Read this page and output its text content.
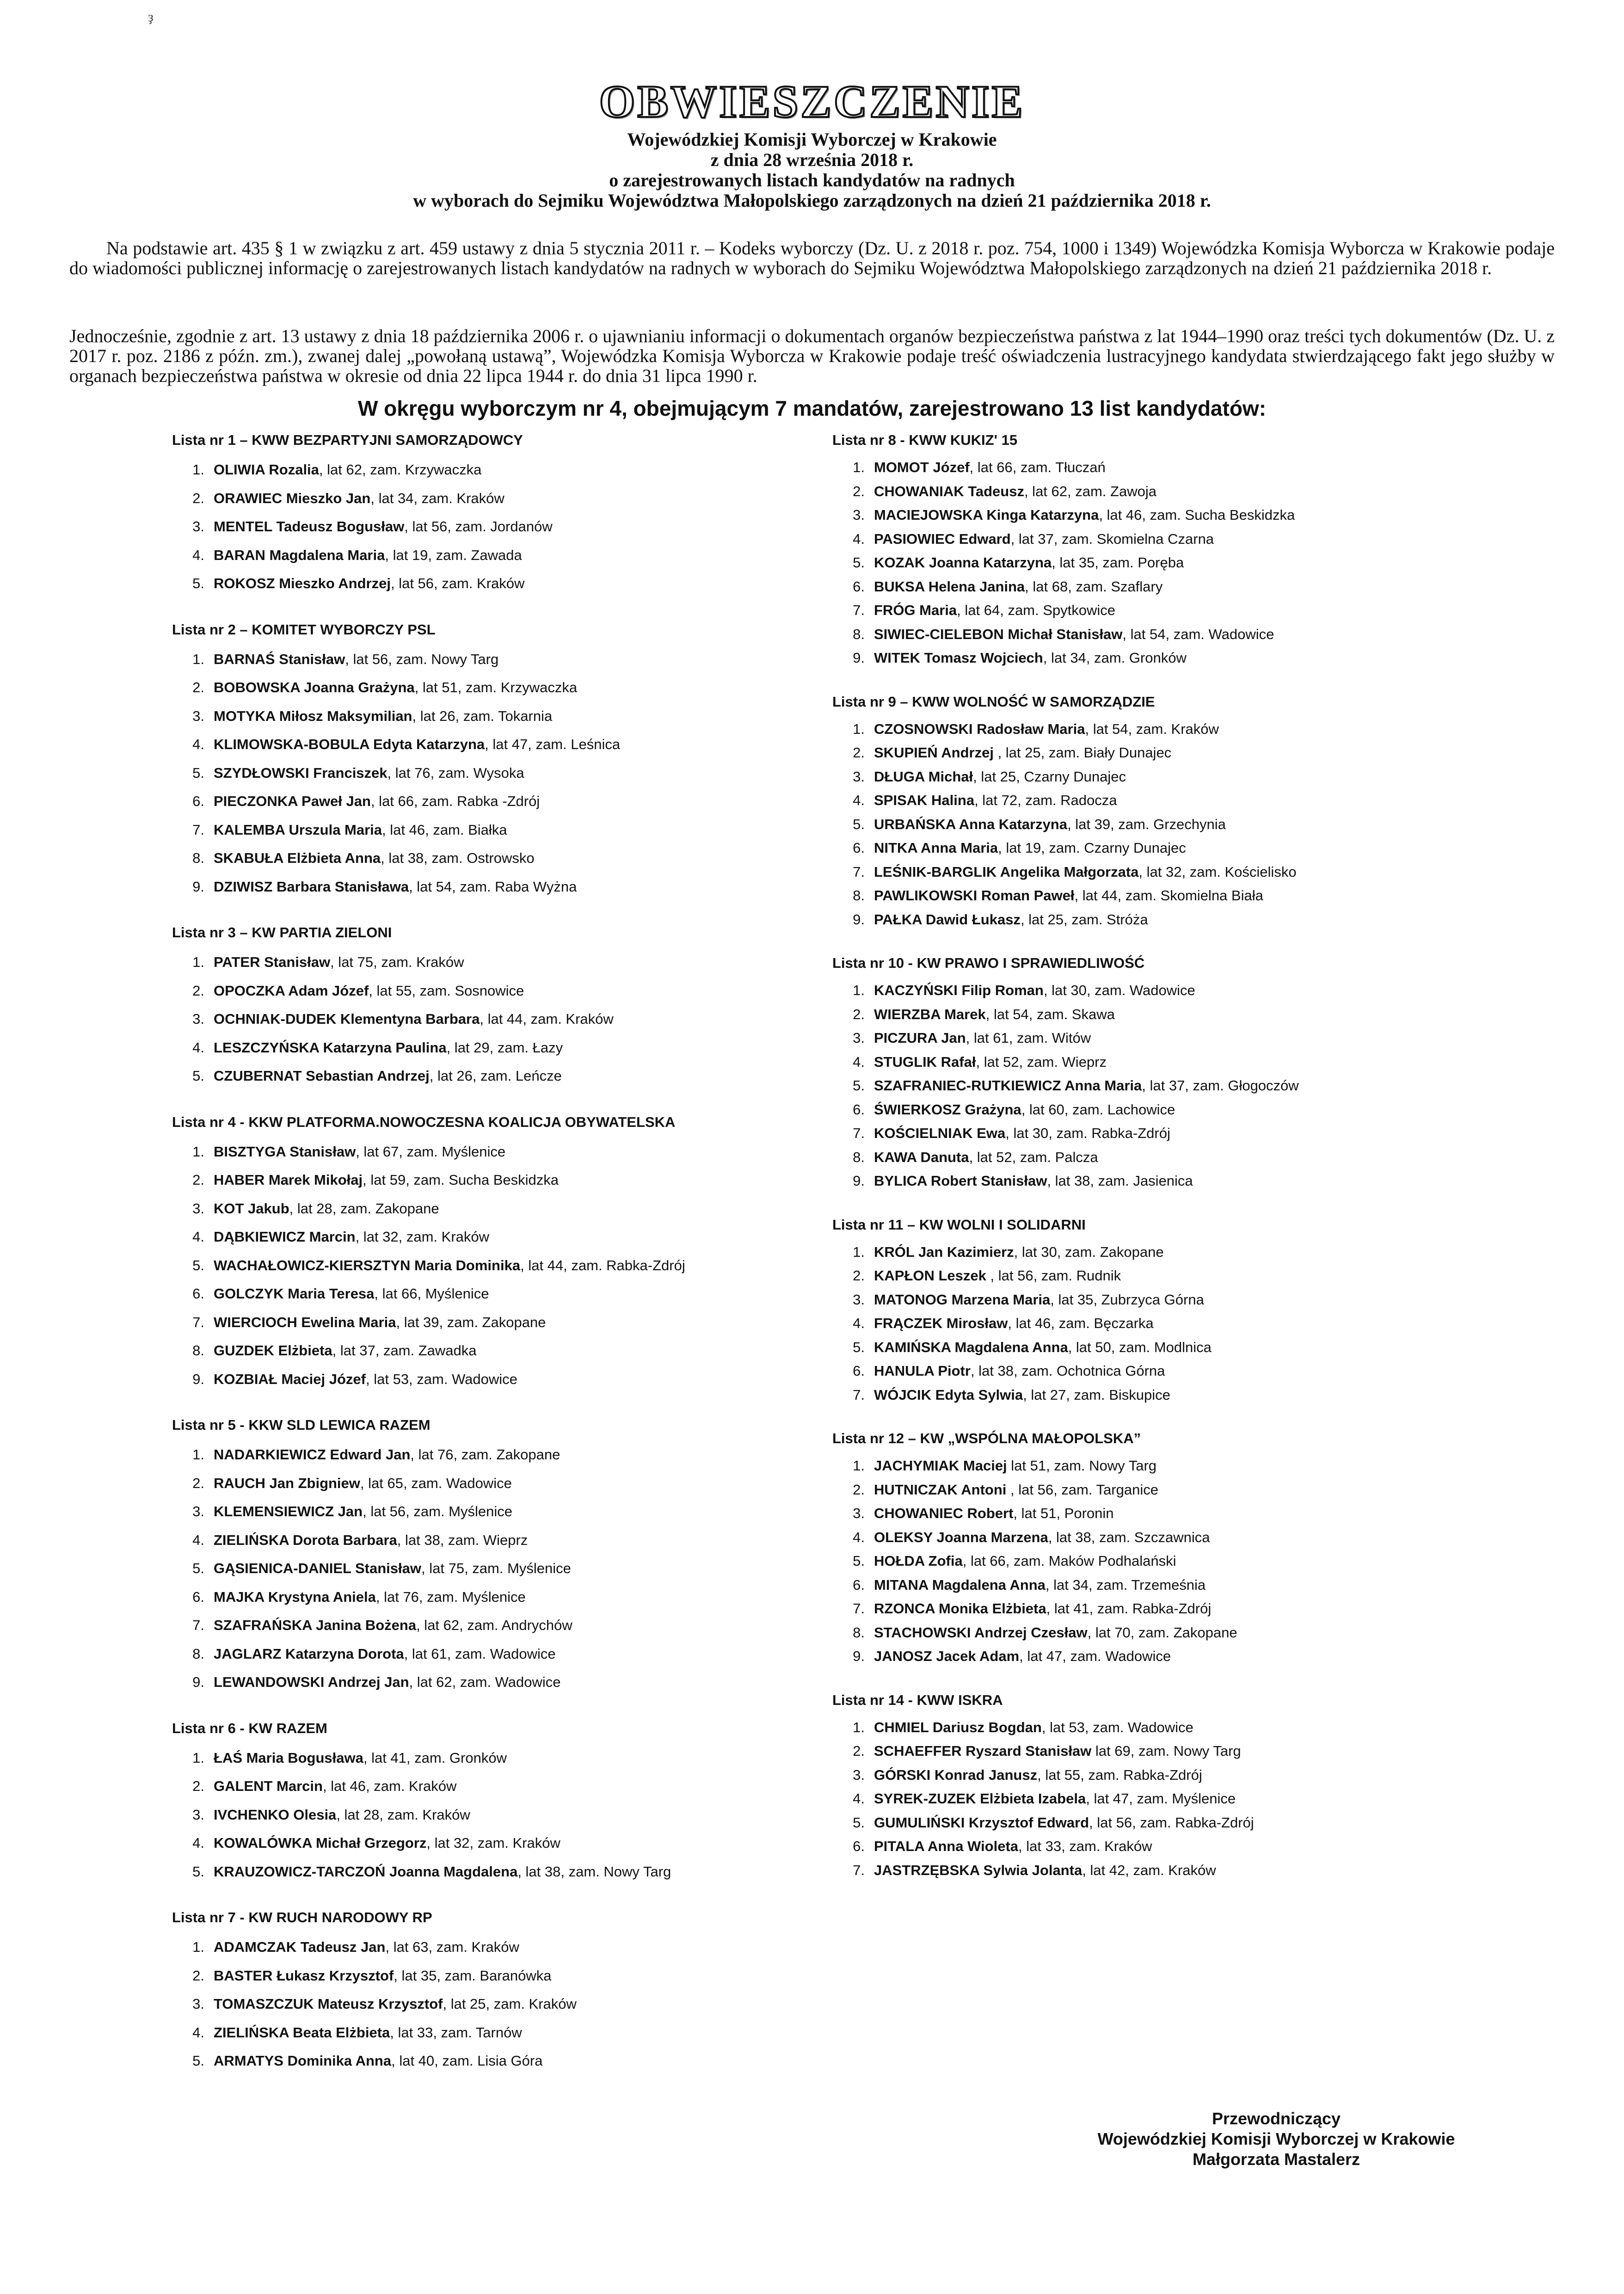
ҙ
OBWIESZCZENIE

Wojewódzkiej Komisji Wyborczej w Krakowie

z dnia 28 września 2018 r.

o zarejestrowanych listach kandydatów na radnych

w wyborach do Sejmiku Województwa Małopolskiego zarządzonych na dzień 21 października 2018 r.

Na podstawie art. 435 § 1 w związku z art. 459 ustawy z dnia 5 stycznia 2011 r. – Kodeks wyborczy (Dz. U. z 2018 r. poz. 754, 1000 i 1349) Wojewódzka Komisja Wyborcza w Krakowie podaje do wiadomości publicznej informację o zarejestrowanych listach kandydatów na radnych w wyborach do Sejmiku Województwa Małopolskiego zarządzonych na dzień 21 października 2018 r.

Jednocześnie, zgodnie z art. 13 ustawy z dnia 18 października 2006 r. o ujawnianiu informacji o dokumentach organów bezpieczeństwa państwa z lat 1944–1990 oraz treści tych dokumentów (Dz. U. z 2017 r. poz. 2186 z późn. zm.), zwanej dalej „powołaną ustawą”, Wojewódzka Komisja Wyborcza w Krakowie podaje treść oświadczenia lustracyjnego kandydata stwierdzającego fakt jego służby w organach bezpieczeństwa państwa w okresie od dnia 22 lipca 1944 r. do dnia 31 lipca 1990 r.

W okręgu wyborczym nr 4, obejmującym 7 mandatów, zarejestrowano 13 list kandydatów:
Lista nr 1 – KWW BEZPARTYJNI SAMORZĄDOWCY
1. OLIWIA Rozalia, lat 62, zam. Krzywaczka
2. ORAWIEC Mieszko Jan, lat 34, zam. Kraków
3. MENTEL Tadeusz Bogusław, lat 56, zam. Jordanów
4. BARAN Magdalena Maria, lat 19, zam. Zawada
5. ROKOSZ Mieszko Andrzej, lat 56, zam. Kraków
Lista nr 2 – KOMITET WYBORCZY PSL
1. BARNAŚ Stanisław, lat 56, zam. Nowy Targ
2. BOBOWSKA Joanna Grażyna, lat 51, zam. Krzywaczka
3. MOTYKA Miłosz Maksymilian, lat 26, zam. Tokarnia
4. KLIMOWSKA-BOBULA Edyta Katarzyna, lat 47, zam. Leśnica
5. SZYDŁOWSKI Franciszek, lat 76, zam. Wysoka
6. PIECZONKA Paweł Jan, lat 66, zam. Rabka -Zdrój
7. KALEMBA Urszula Maria, lat 46, zam. Białka
8. SKABUŁA Elżbieta Anna, lat 38, zam. Ostrowsko
9. DZIWISZ Barbara Stanisława, lat 54, zam. Raba Wyżna
Lista nr 3 – KW PARTIA ZIELONI
1. PATER Stanisław, lat 75, zam. Kraków
2. OPOCZKA Adam Józef, lat 55, zam. Sosnowice
3. OCHNIAK-DUDEK Klementyna Barbara, lat 44, zam. Kraków
4. LESZCZYŃSKA Katarzyna Paulina, lat 29, zam. Łazy
5. CZUBERNAT Sebastian Andrzej, lat 26, zam. Leńcze
Lista nr 4 - KKW PLATFORMA.NOWOCZESNA KOALICJA OBYWATELSKA
1. BISZTYGA Stanisław, lat 67, zam. Myślenice
2. HABER Marek Mikołaj, lat 59, zam. Sucha Beskidzka
3. KOT Jakub, lat 28, zam. Zakopane
4. DĄBKIEWICZ Marcin, lat 32, zam. Kraków
5. WACHAŁOWICZ-KIERSZTYN Maria Dominika, lat 44, zam. Rabka-Zdrój
6. GOLCZYK Maria Teresa, lat 66, Myślenice
7. WIERCIOCH Ewelina Maria, lat 39, zam. Zakopane
8. GUZDEK Elżbieta, lat 37, zam. Zawadka
9. KOZBIAŁ Maciej Józef, lat 53, zam. Wadowice
Lista nr 5 - KKW SLD LEWICA RAZEM
1. NADARKIEWICZ Edward Jan, lat 76, zam. Zakopane
2. RAUCH Jan Zbigniew, lat 65, zam. Wadowice
3. KLEMENSIEWICZ Jan, lat 56, zam. Myślenice
4. ZIELIŃSKA Dorota Barbara, lat 38, zam. Wieprz
5. GĄSIENICA-DANIEL Stanisław, lat 75, zam. Myślenice
6. MAJKA Krystyna Aniela, lat 76, zam. Myślenice
7. SZAFRAŃSKA Janina Bożena, lat 62, zam. Andrychów
8. JAGLARZ Katarzyna Dorota, lat 61, zam. Wadowice
9. LEWANDOWSKI Andrzej Jan, lat 62, zam. Wadowice
Lista nr 6 - KW RAZEM
1. ŁAŚ Maria Bogusława, lat 41, zam. Gronków
2. GALENT Marcin, lat 46, zam. Kraków
3. IVCHENKO Olesia, lat 28, zam. Kraków
4. KOWALÓWKA Michał Grzegorz, lat 32, zam. Kraków
5. KRAUZOWICZ-TARCZOŃ Joanna Magdalena, lat 38, zam. Nowy Targ
Lista nr 7 - KW RUCH NARODOWY RP
1. ADAMCZAK Tadeusz Jan, lat 63, zam. Kraków
2. BASTER Łukasz Krzysztof, lat 35, zam. Baranówka
3. TOMASZCZUK Mateusz Krzysztof, lat 25, zam. Kraków
4. ZIELIŃSKA Beata Elżbieta, lat 33, zam. Tarnów
5. ARMATYS Dominika Anna, lat 40, zam. Lisia Góra
Lista nr 8 - KWW KUKIZ' 15
1. MOMOT Józef, lat 66, zam. Tłuczań
2. CHOWANIAK Tadeusz, lat 62, zam. Zawoja
3. MACIEJOWSKA Kinga Katarzyna, lat 46, zam. Sucha Beskidzka
4. PASIOWIEC Edward, lat 37, zam. Skomielna Czarna
5. KOZAK Joanna Katarzyna, lat 35, zam. Poręba
6. BUKSA Helena Janina, lat 68, zam. Szaflary
7. FRÓG Maria, lat 64, zam. Spytkowice
8. SIWIEC-CIELEBON Michał Stanisław, lat 54, zam. Wadowice
9. WITEK Tomasz Wojciech, lat 34, zam. Gronków
Lista nr 9 – KWW WOLNOŚĆ W SAMORZĄDZIE
1. CZOSNOWSKI Radosław Maria, lat 54, zam. Kraków
2. SKUPIEŃ Andrzej , lat 25, zam. Biały Dunajec
3. DŁUGA Michał, lat 25, Czarny Dunajec
4. SPISAK Halina, lat 72, zam. Radocza
5. URBAŃSKA Anna Katarzyna, lat 39, zam. Grzechynia
6. NITKA Anna Maria, lat 19, zam. Czarny Dunajec
7. LEŚNIK-BARGLIK Angelika Małgorzata, lat 32, zam. Kościelisko
8. PAWLIKOWSKI Roman Paweł, lat 44, zam. Skomielna Biała
9. PAŁKA Dawid Łukasz, lat 25, zam. Stróża
Lista nr 10 - KW PRAWO I SPRAWIEDLIWOŚĆ
1. KACZYŃSKI Filip Roman, lat 30, zam. Wadowice
2. WIERZBA Marek, lat 54, zam. Skawa
3. PICZURA Jan, lat 61, zam. Witów
4. STUGLIK Rafał, lat 52, zam. Wieprz
5. SZAFRANIEC-RUTKIEWICZ Anna Maria, lat 37, zam. Głogoczów
6. ŚWIERKOSZ Grażyna, lat 60, zam. Lachowice
7. KOŚCIELNIAK Ewa, lat 30, zam. Rabka-Zdrój
8. KAWA Danuta, lat 52, zam. Palcza
9. BYLICA Robert Stanisław, lat 38, zam. Jasienica
Lista nr 11 – KW WOLNI I SOLIDARNI
1. KRÓL Jan Kazimierz, lat 30, zam. Zakopane
2. KAPŁON Leszek , lat 56, zam. Rudnik
3. MATONOG Marzena Maria, lat 35, Zubrzyca Górna
4. FRĄCZEK Mirosław, lat 46, zam. Bęczarka
5. KAMIŃSKA Magdalena Anna, lat 50, zam. Modlnica
6. HANULA Piotr, lat 38, zam. Ochotnica Górna
7. WÓJCIK Edyta Sylwia, lat 27, zam. Biskupice
Lista nr 12 – KW „WSPÓLNA MAŁOPOLSKA”
1. JACHYMIAK Maciej lat 51, zam. Nowy Targ
2. HUTNICZAK Antoni , lat 56, zam. Targanice
3. CHOWANIEC Robert, lat 51, Poronin
4. OLEKSY Joanna Marzena, lat 38, zam. Szczawnica
5. HOŁDA Zofia, lat 66, zam. Maków Podhalański
6. MITANA Magdalena Anna, lat 34, zam. Trzemeśnia
7. RZONCA Monika Elżbieta, lat 41, zam. Rabka-Zdrój
8. STACHOWSKI Andrzej Czesław, lat 70, zam. Zakopane
9. JANOSZ Jacek Adam, lat 47, zam. Wadowice
Lista nr 14 - KWW ISKRA
1. CHMIEL Dariusz Bogdan, lat 53, zam. Wadowice
2. SCHAEFFER Ryszard Stanisław lat 69, zam. Nowy Targ
3. GÓRSKI Konrad Janusz, lat 55, zam. Rabka-Zdrój
4. SYREK-ZUZEK Elżbieta Izabela, lat 47, zam. Myślenice
5. GUMULIŃSKI Krzysztof Edward, lat 56, zam. Rabka-Zdrój
6. PITALA Anna Wioleta, lat 33, zam. Kraków
7. JASTRZĘBSKA Sylwia Jolanta, lat 42, zam. Kraków
Przewodniczący
Wojewódzkiej Komisji Wyborczej w Krakowie
Małgorzata Mastalerz
